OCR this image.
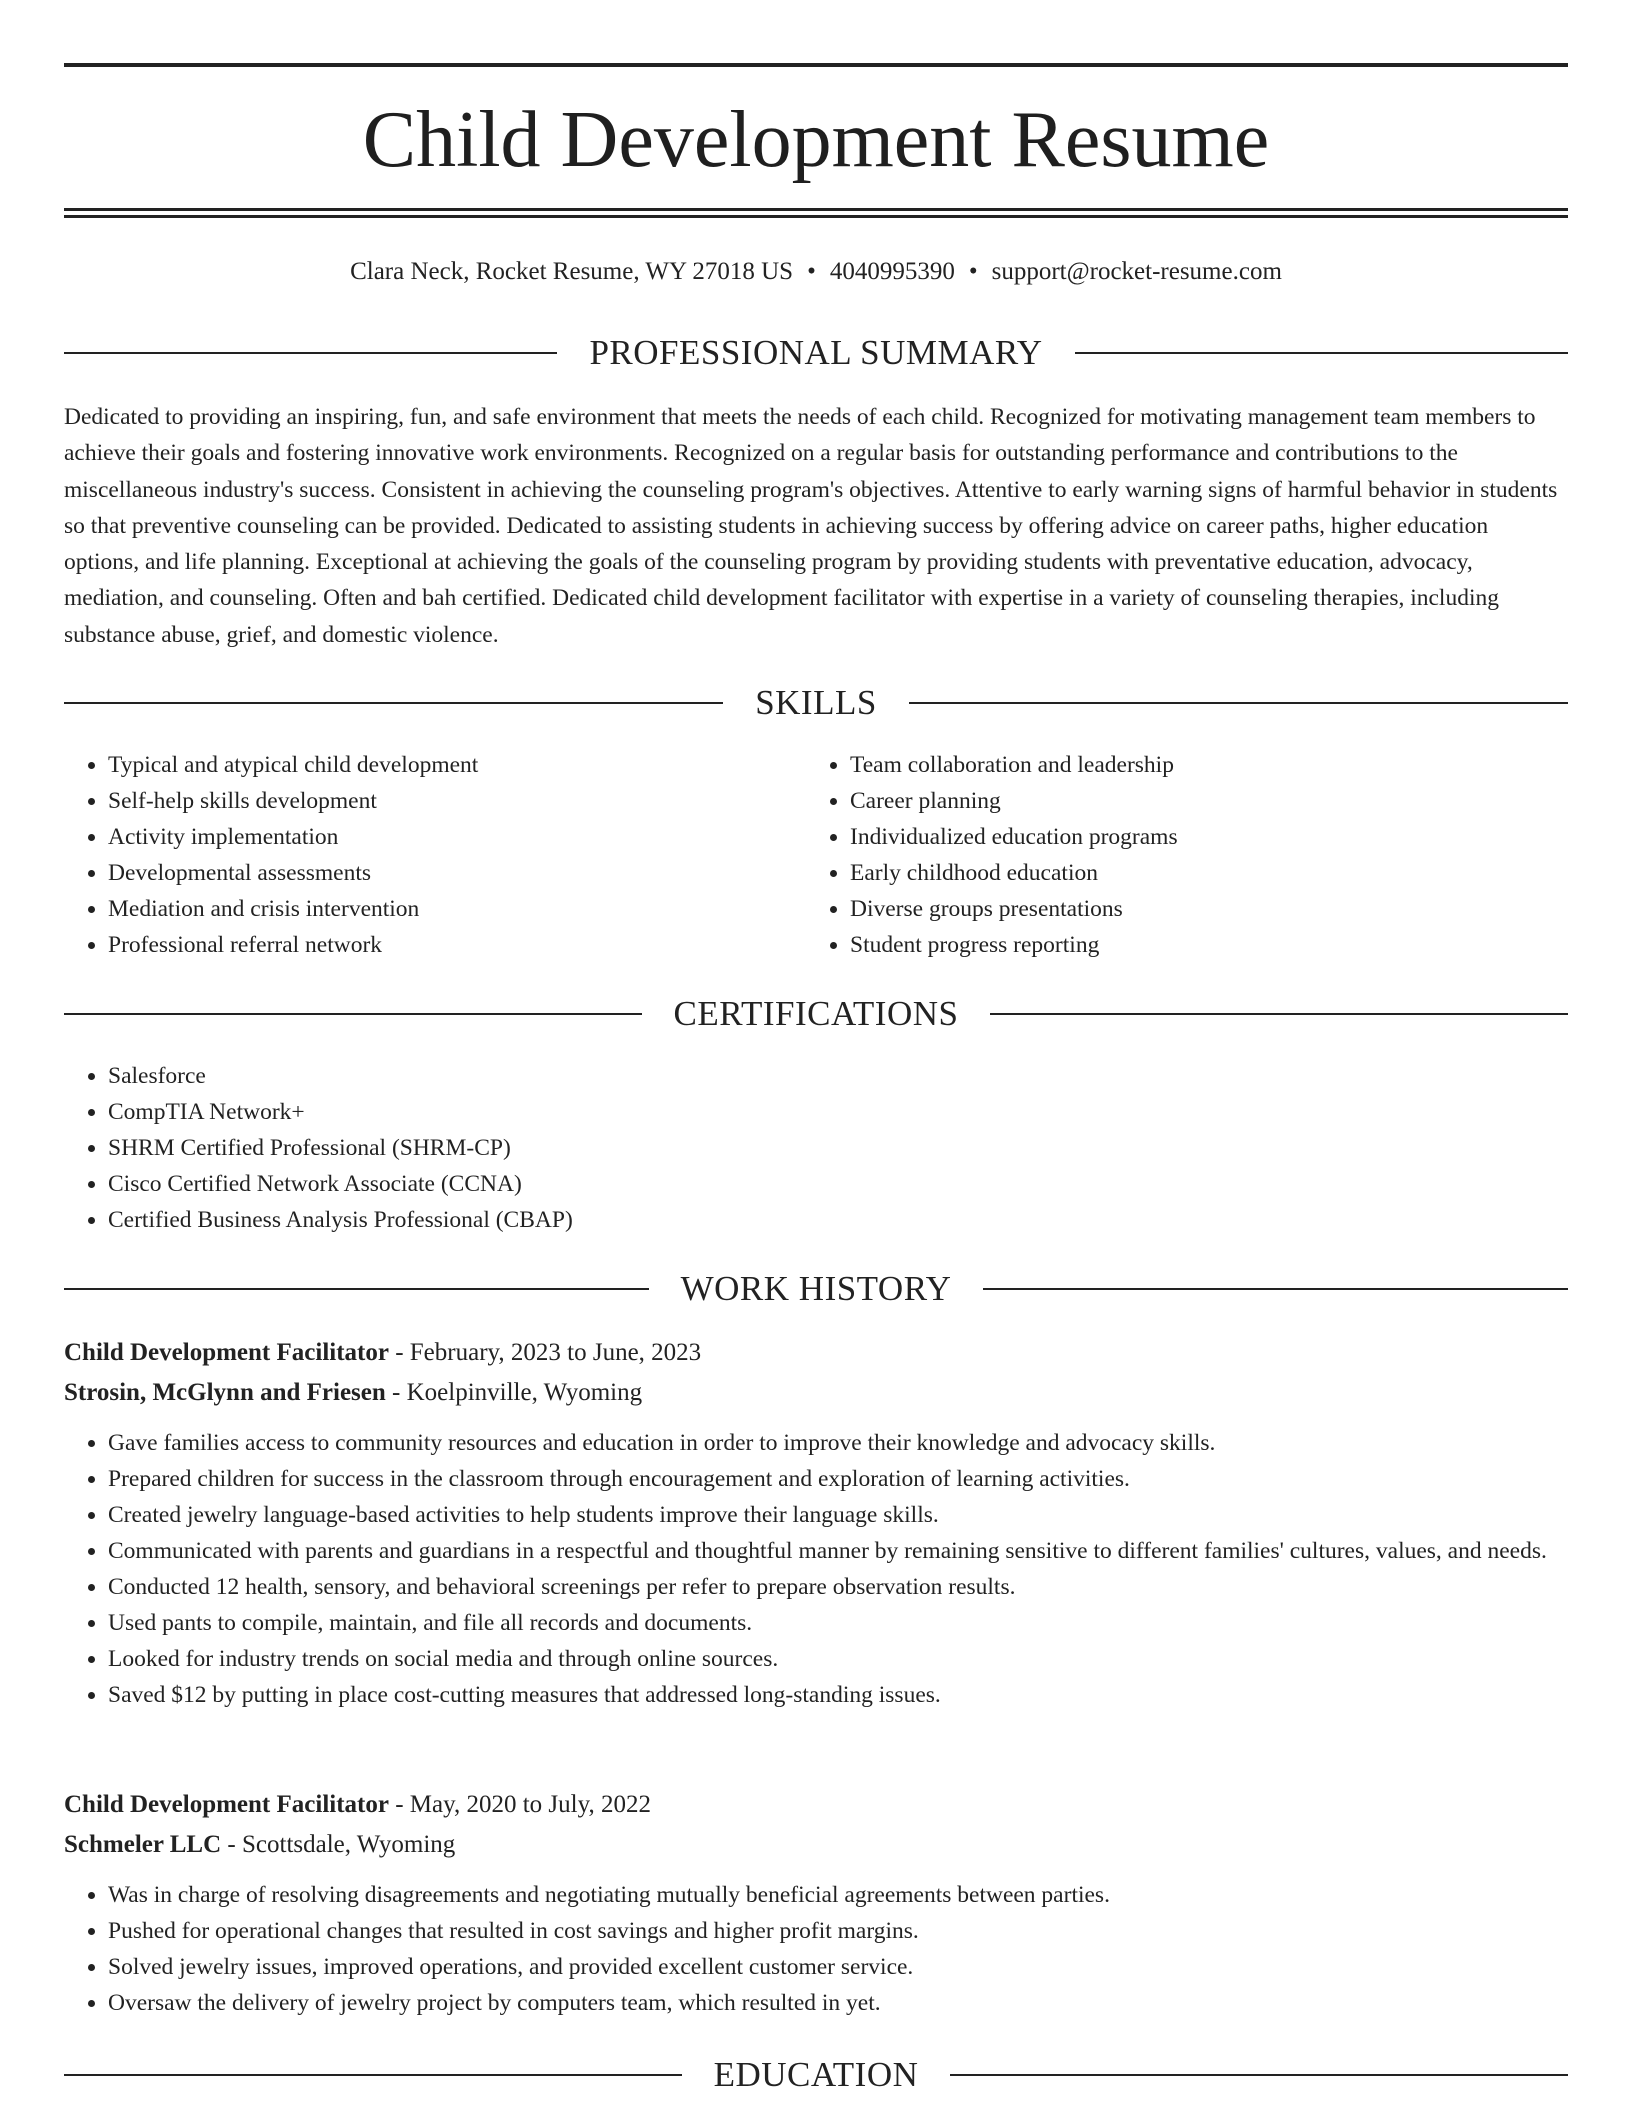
Child Development Resume
Clara Neck, Rocket Resume, WY 27018 US • 4040995390 • support@rocket-resume.com
PROFESSIONAL SUMMARY

Dedicated to providing an inspiring, fun, and safe environment that meets the needs of each child. Recognized for motivating management team members to achieve their goals and fostering innovative work environments. Recognized on a regular basis for outstanding performance and contributions to the miscellaneous industry's success. Consistent in achieving the counseling program's objectives. Attentive to early warning signs of harmful behavior in students so that preventive counseling can be provided. Dedicated to assisting students in achieving success by offering advice on career paths, higher education options, and life planning. Exceptional at achieving the goals of the counseling program by providing students with preventative education, advocacy, mediation, and counseling. Often and bah certified. Dedicated child development facilitator with expertise in a variety of counseling therapies, including substance abuse, grief, and domestic violence.

SKILLS
• Typical and atypical child development
• Self-help skills development
• Activity implementation
• Developmental assessments
• Mediation and crisis intervention
• Professional referral network
• Team collaboration and leadership
• Career planning
• Individualized education programs
• Early childhood education
• Diverse groups presentations
• Student progress reporting
CERTIFICATIONS
• Salesforce
• CompTIA Network+
• SHRM Certified Professional (SHRM-CP)
• Cisco Certified Network Associate (CCNA)
• Certified Business Analysis Professional (CBAP)
WORK HISTORY
Child Development Facilitator - February, 2023 to June, 2023
Strosin, McGlynn and Friesen - Koelpinville, Wyoming
• Gave families access to community resources and education in order to improve their knowledge and advocacy skills.
• Prepared children for success in the classroom through encouragement and exploration of learning activities.
• Created jewelry language-based activities to help students improve their language skills.
• Communicated with parents and guardians in a respectful and thoughtful manner by remaining sensitive to different families' cultures, values, and needs.
• Conducted 12 health, sensory, and behavioral screenings per refer to prepare observation results.
• Used pants to compile, maintain, and file all records and documents.
• Looked for industry trends on social media and through online sources.
• Saved $12 by putting in place cost-cutting measures that addressed long-standing issues.
Child Development Facilitator - May, 2020 to July, 2022
Schmeler LLC - Scottsdale, Wyoming
• Was in charge of resolving disagreements and negotiating mutually beneficial agreements between parties.
• Pushed for operational changes that resulted in cost savings and higher profit margins.
• Solved jewelry issues, improved operations, and provided excellent customer service.
• Oversaw the delivery of jewelry project by computers team, which resulted in yet.
EDUCATION
